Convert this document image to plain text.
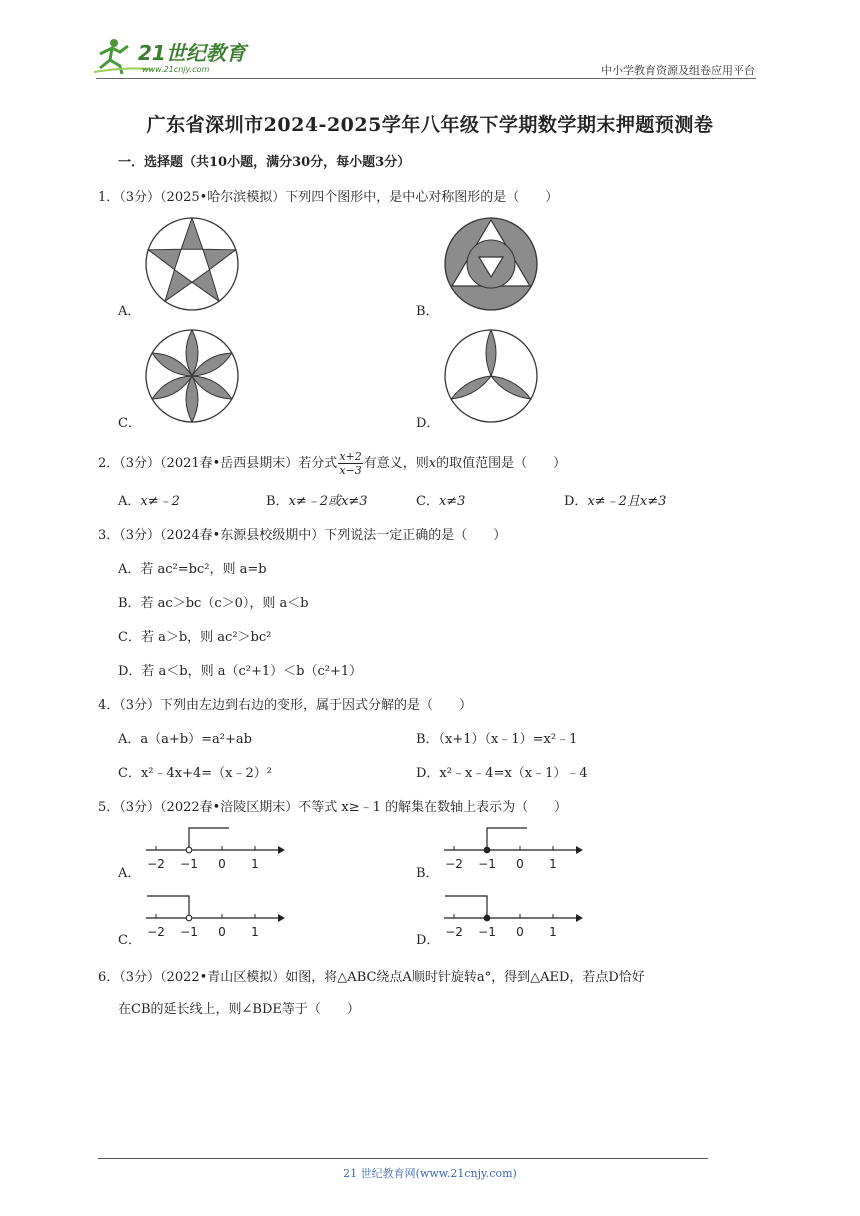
21世纪教育
www.21cnjy.com	中小学教育资源及组卷应用平台
广东省深圳市2024-2025学年八年级下学期数学期末押题预测卷
一．选择题（共10小题，满分30分，每小题3分）
1．（3分）（2025•哈尔滨模拟）下列四个图形中，是中心对称图形的是（　　）
A．	B．
C．	D．
2．（3分）（2021春•岳西县期末）若分式 $\frac{x+2}{x-3}$ 有意义，则x的取值范围是（　　）
A．x≠﹣2	B．x≠﹣2或x≠3	C．x≠3	D．x≠﹣2且x≠3
3．（3分）（2024春•东源县校级期中）下列说法一定正确的是（　　）
A．若 ac²=bc²，则 a=b
B．若 ac＞bc（c＞0），则 a＜b
C．若 a＞b，则 ac²＞bc²
D．若 a＜b，则 a（c²+1）＜b（c²+1）
4．（3分）下列由左边到右边的变形，属于因式分解的是（　　）
A．a（a+b）=a²+ab	B．（x+1）（x﹣1）=x²﹣1
C．x²﹣4x+4=（x﹣2）²	D．x²﹣x﹣4=x（x﹣1）﹣4
5．（3分）（2022春•涪陵区期末）不等式 x≥﹣1 的解集在数轴上表示为（　　）
A．	B．
C．	D．
−2 −1 0 1	−2 −1 0 1
−2 −1 0 1	−2 −1 0 1
6．（3分）（2022•青山区模拟）如图，将△ABC绕点A顺时针旋转a°，得到△AED，若点D恰好
在CB的延长线上，则∠BDE等于（　　）
21 世纪教育网(www.21cnjy.com)
